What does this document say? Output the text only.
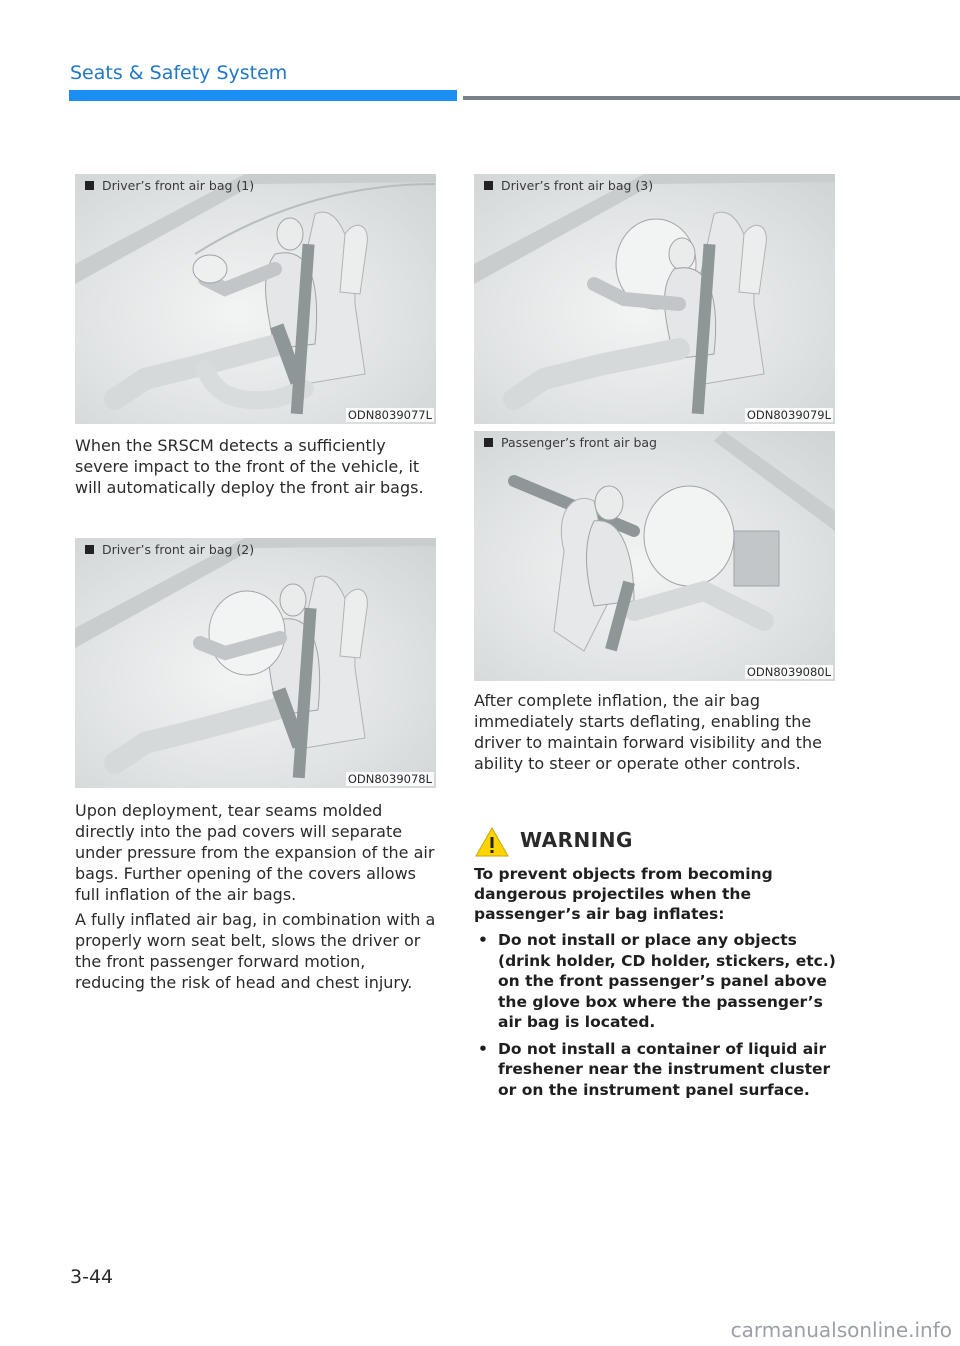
Seats & Safety System
Driver’s front air bag (1)
ODN8039077L

When the SRSCM detects a sufficiently severe impact to the front of the vehicle, it will automatically deploy the front air bags.

Driver’s front air bag (2)
ODN8039078L

Upon deployment, tear seams molded directly into the pad covers will separate under pressure from the expansion of the air bags. Further opening of the covers allows full inflation of the air bags.

A fully inflated air bag, in combination with a properly worn seat belt, slows the driver or the front passenger forward motion, reducing the risk of head and chest injury.

Driver’s front air bag (3)
ODN8039079L
Passenger’s front air bag
ODN8039080L

After complete inflation, the air bag immediately starts deflating, enabling the driver to maintain forward visibility and the ability to steer or operate other controls.

WARNING

To prevent objects from becoming dangerous projectiles when the passenger’s air bag inflates:

• Do not install or place any objects (drink holder, CD holder, stickers, etc.) on the front passenger’s panel above the glove box where the passenger’s air bag is located.
• Do not install a container of liquid air freshener near the instrument cluster or on the instrument panel surface.
3-44
carmanualsonline.info
